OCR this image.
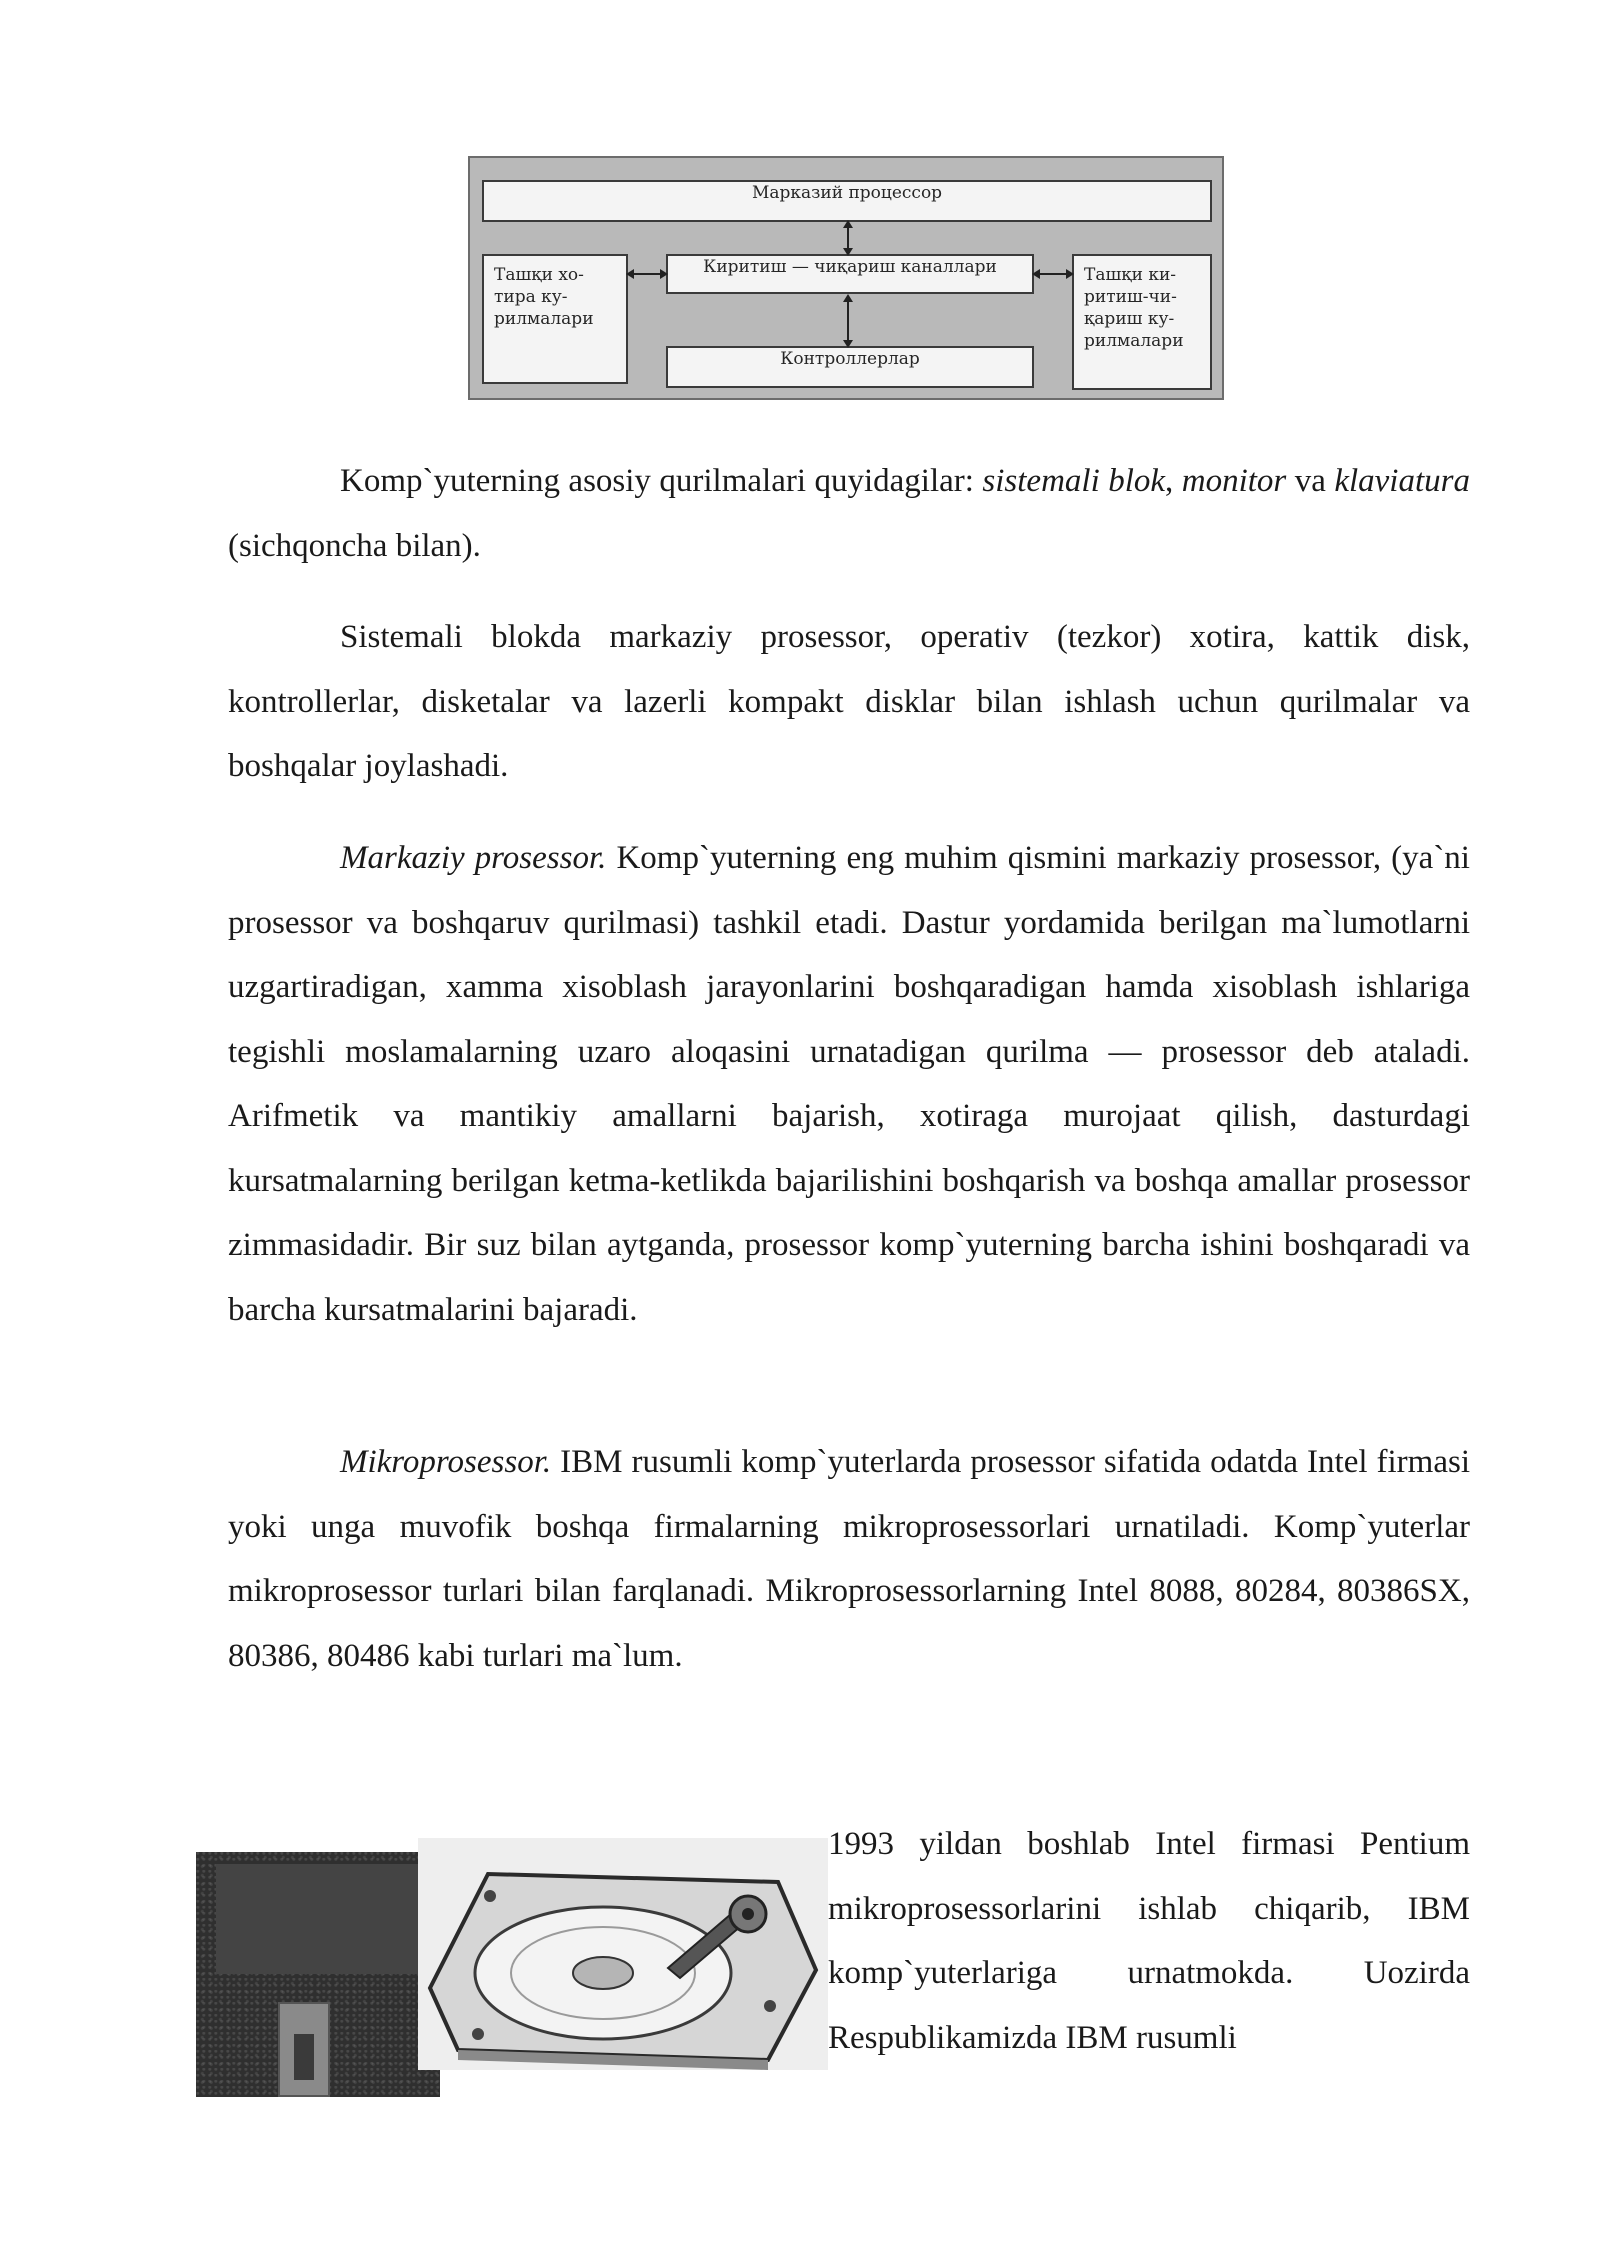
Марказий процессор
Ташқи хо-
тира ку-
рилмалари
Киритиш — чиқариш каналлари
Контроллерлар
Ташқи ки-
ритиш-чи-
қариш ку-
рилмалари

Komp`yuterning asosiy qurilmalari quyidagilar: sistemali blok, monitor va klaviatura (sichqoncha bilan).

Sistemali blokda markaziy prosessor, operativ (tezkor) xotira, kattik disk, kontrollerlar, disketalar va lazerli kompakt disklar bilan ishlash uchun qurilmalar va boshqalar joylashadi.

Markaziy prosessor. Komp`yuterning eng muhim qismini markaziy prosessor, (ya`ni prosessor va boshqaruv qurilmasi) tashkil etadi. Dastur yordamida berilgan ma`lumotlarni uzgartiradigan, xamma xisoblash jarayonlarini boshqaradigan hamda xisoblash ishlariga tegishli moslamalarning uzaro aloqasini urnatadigan qurilma — prosessor deb ataladi. Arifmetik va mantikiy amallarni bajarish, xotiraga murojaat qilish, dasturdagi kursatmalarning berilgan ketma-ketlikda bajarilishini boshqarish va boshqa amallar prosessor zimmasidadir. Bir suz bilan aytganda, prosessor komp`yuterning barcha ishini boshqaradi va barcha kursatmalarini bajaradi.

Mikroprosessor. IBM rusumli komp`yuterlarda prosessor sifatida odatda Intel firmasi yoki unga muvofik boshqa firmalarning mikroprosessorlari urnatiladi. Komp`yuterlar mikroprosessor turlari bilan farqlanadi. Mikroprosessorlarning Intel 8088, 80284, 80386SX, 80386, 80486 kabi turlari ma`lum.

1993 yildan boshlab Intel firmasi Pentium mikroprosessorlarini ishlab chiqarib, IBM komp`yuterlariga urnatmokda. Uozirda Respublikamizda IBM rusumli
